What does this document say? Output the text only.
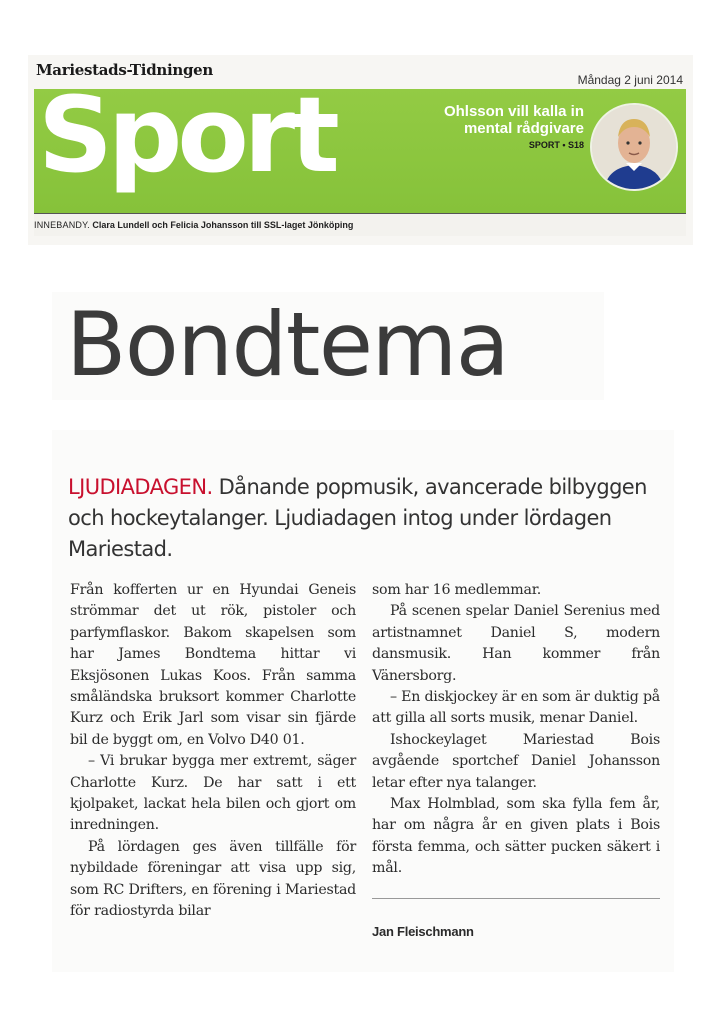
Mariestads-Tidningen
Måndag 2 juni 2014
Sport	Ohlsson vill kalla in mental rådgivare
SPORT • S18
INNEBANDY. Clara Lundell och Felicia Johansson till SSL-laget Jönköping
Bondtema
LJUDIADAGEN. Dånande popmusik, avancerade bilbyggen och hockeytalanger. Ljudiadagen intog under lördagen Mariestad.

Från kofferten ur en Hyundai Geneis strömmar det ut rök, pistoler och parfymflaskor. Bakom skapelsen som har James Bondtema hittar vi Eksjösonen Lukas Koos. Från samma småländska bruksort kommer Charlotte Kurz och Erik Jarl som visar sin fjärde bil de byggt om, en Volvo D40 01.

– Vi brukar bygga mer extremt, säger Charlotte Kurz. De har satt i ett kjolpaket, lackat hela bilen och gjort om inredningen.

På lördagen ges även tillfälle för nybildade föreningar att visa upp sig, som RC Drifters, en förening i Mariestad för radiostyrda bilar

som har 16 medlemmar.

På scenen spelar Daniel Serenius med artistnamnet Daniel S, modern dansmusik. Han kommer från Vänersborg.

– En diskjockey är en som är duktig på att gilla all sorts musik, menar Daniel.

Ishockeylaget Mariestad Bois avgående sportchef Daniel Johansson letar efter nya talanger.

Max Holmblad, som ska fylla fem år, har om några år en given plats i Bois första femma, och sätter pucken säkert i mål.

Jan Fleischmann
